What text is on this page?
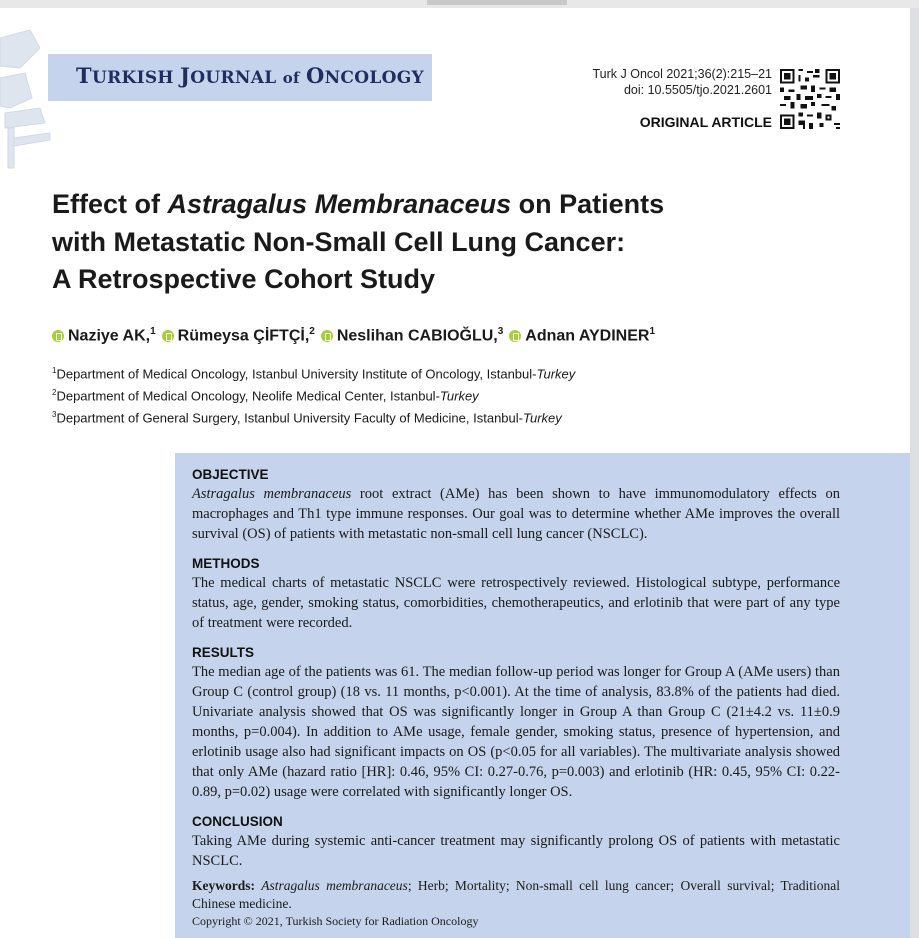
TURKISH JOURNAL of ONCOLOGY	Turk J Oncol 2021;36(2):215–21
doi: 10.5505/tjo.2021.2601
ORIGINAL ARTICLE
Effect of Astragalus Membranaceus on Patients
with Metastatic Non-Small Cell Lung Cancer:
A Retrospective Cohort Study
Naziye AK,$^1$ Rümeysa ÇİFTÇİ,$^2$ Neslihan CABIOĞLU,$^3$ Adnan AYDINER$^1$
$^1$Department of Medical Oncology, Istanbul University Institute of Oncology, Istanbul-Turkey
$^2$Department of Medical Oncology, Neolife Medical Center, Istanbul-Turkey
$^3$Department of General Surgery, Istanbul University Faculty of Medicine, Istanbul-Turkey
OBJECTIVE
Astragalus membranaceus root extract (AMe) has been shown to have immunomodulatory effects on macrophages and Th1 type immune responses. Our goal was to determine whether AMe improves the overall survival (OS) of patients with metastatic non-small cell lung cancer (NSCLC).
METHODS
The medical charts of metastatic NSCLC were retrospectively reviewed. Histological subtype, performance status, age, gender, smoking status, comorbidities, chemotherapeutics, and erlotinib that were part of any type of treatment were recorded.
RESULTS
The median age of the patients was 61. The median follow-up period was longer for Group A (AMe users) than Group C (control group) (18 vs. 11 months, p<0.001). At the time of analysis, 83.8% of the patients had died. Univariate analysis showed that OS was significantly longer in Group A than Group C (21±4.2 vs. 11±0.9 months, p=0.004). In addition to AMe usage, female gender, smoking status, presence of hypertension, and erlotinib usage also had significant impacts on OS (p<0.05 for all variables). The multivariate analysis showed that only AMe (hazard ratio [HR]: 0.46, 95% CI: 0.27-0.76, p=0.003) and erlotinib (HR: 0.45, 95% CI: 0.22-0.89, p=0.02) usage were correlated with significantly longer OS.
CONCLUSION
Taking AMe during systemic anti-cancer treatment may significantly prolong OS of patients with metastatic NSCLC.
Keywords: Astragalus membranaceus; Herb; Mortality; Non-small cell lung cancer; Overall survival; Traditional Chinese medicine.
Copyright © 2021, Turkish Society for Radiation Oncology
